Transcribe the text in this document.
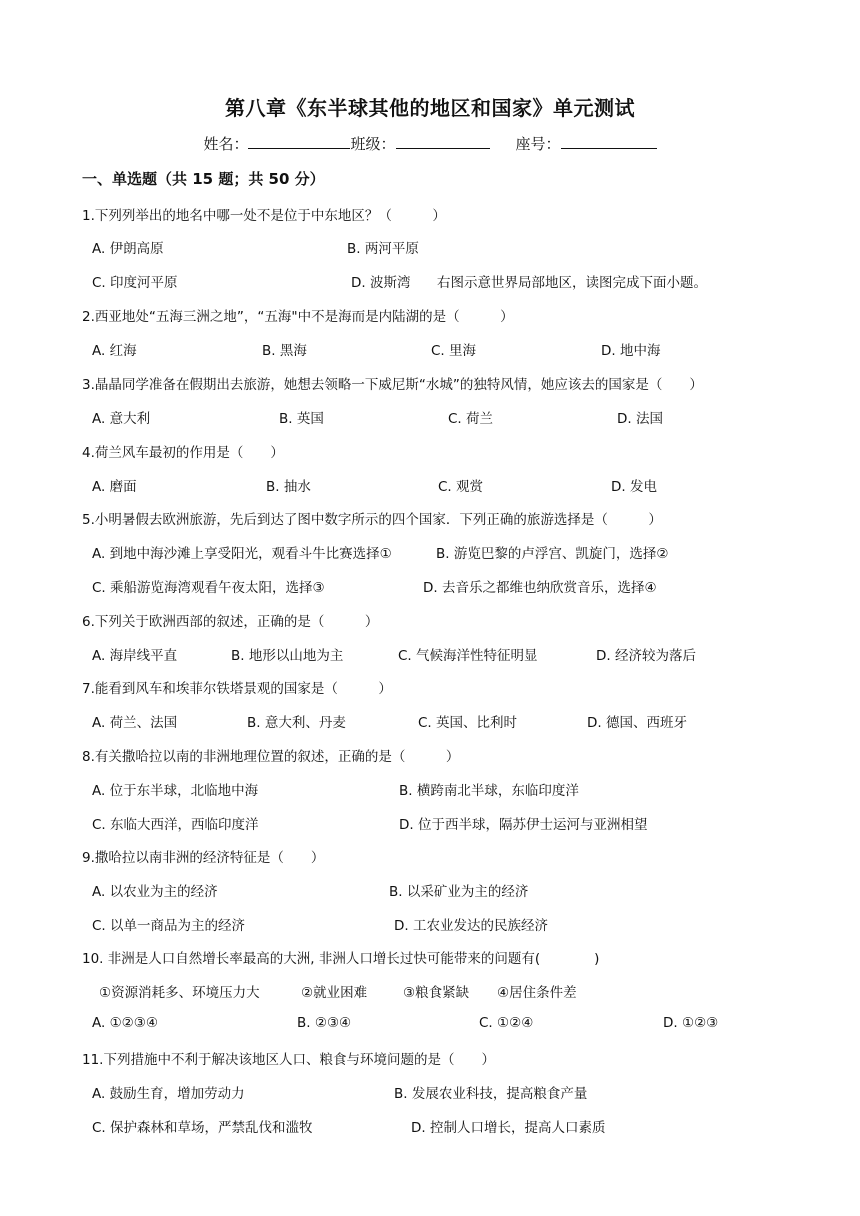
第八章《东半球其他的地区和国家》单元测试
姓名：	班级：	座号：
一、单选题（共 15 题；共 50 分）
1.下列列举出的地名中哪一处不是位于中东地区？（　　　）
A. 伊朗高原	B. 两河平原
C. 印度河平原	D. 波斯湾 右图示意世界局部地区，读图完成下面小题。
2.西亚地处“五海三洲之地”，“五海"中不是海而是内陆湖的是（　　　）
A. 红海	B. 黑海	C. 里海	D. 地中海
3.晶晶同学准备在假期出去旅游，她想去领略一下威尼斯“水城”的独特风情，她应该去的国家是（　　）
A. 意大利	B. 英国	C. 荷兰	D. 法国
4.荷兰风车最初的作用是（　　）
A. 磨面	B. 抽水	C. 观赏	D. 发电
5.小明暑假去欧洲旅游，先后到达了图中数字所示的四个国家．下列正确的旅游选择是（　　　）
A. 到地中海沙滩上享受阳光，观看斗牛比赛选择①	B. 游览巴黎的卢浮宫、凯旋门，选择②
C. 乘船游览海湾观看午夜太阳，选择③	D. 去音乐之都维也纳欣赏音乐，选择④
6.下列关于欧洲西部的叙述，正确的是（　　　）
A. 海岸线平直	B. 地形以山地为主	C. 气候海洋性特征明显	D. 经济较为落后
7.能看到风车和埃菲尔铁塔景观的国家是（　　　）
A. 荷兰、法国	B. 意大利、丹麦	C. 英国、比利时	D. 德国、西班牙
8.有关撒哈拉以南的非洲地理位置的叙述，正确的是（　　　）
A. 位于东半球，北临地中海	B. 横跨南北半球，东临印度洋
C. 东临大西洋，西临印度洋	D. 位于西半球，隔苏伊士运河与亚洲相望
9.撒哈拉以南非洲的经济特征是（　　）
A. 以农业为主的经济	B. 以采矿业为主的经济
C. 以单一商品为主的经济	D. 工农业发达的民族经济
10. 非洲是人口自然增长率最高的大洲, 非洲人口增长过快可能带来的问题有(　　　　)
①资源消耗多、环境压力大	②就业困难	③粮食紧缺 ④居住条件差
A. ①②③④	B. ②③④	C. ①②④	D. ①②③
11.下列措施中不利于解决该地区人口、粮食与环境问题的是（　　）
A. 鼓励生育，增加劳动力	B. 发展农业科技，提高粮食产量
C. 保护森林和草场，严禁乱伐和滥牧	D. 控制人口增长，提高人口素质
